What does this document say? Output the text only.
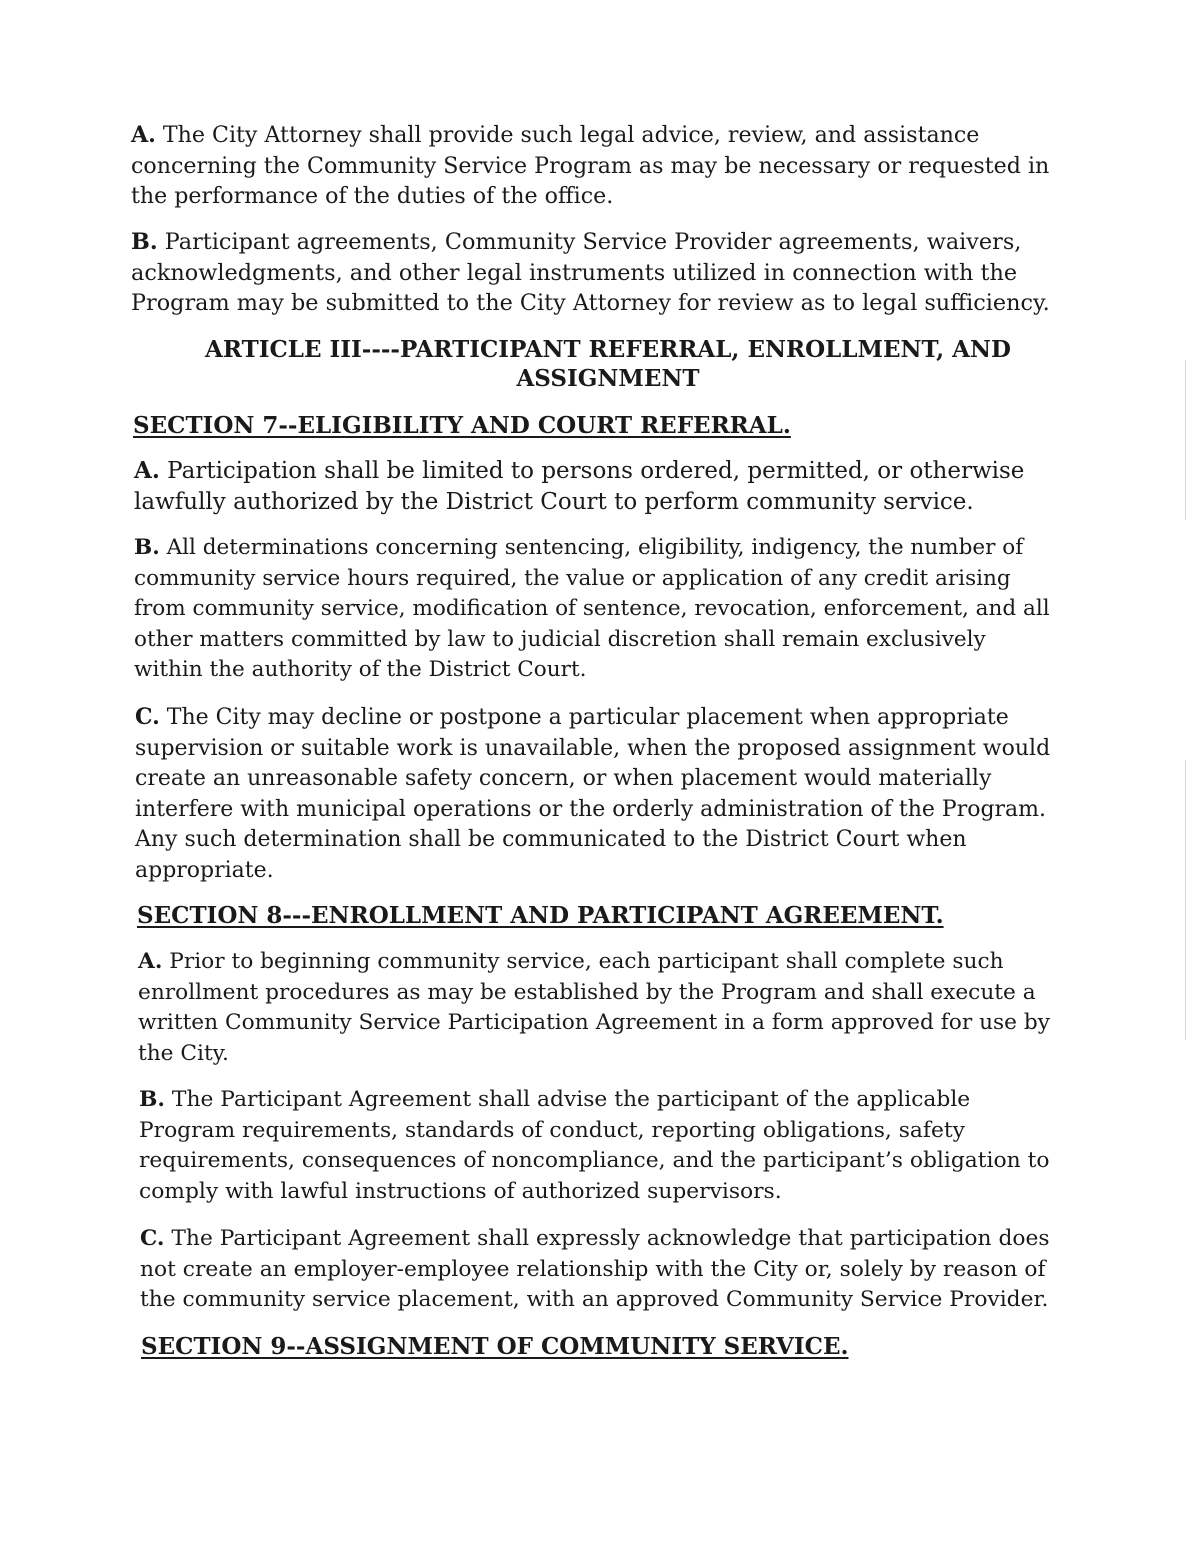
A. The City Attorney shall provide such legal advice, review, and assistance
concerning the Community Service Program as may be necessary or requested in
the performance of the duties of the office.
B. Participant agreements, Community Service Provider agreements, waivers,
acknowledgments, and other legal instruments utilized in connection with the
Program may be submitted to the City Attorney for review as to legal sufficiency.
ARTICLE III----PARTICIPANT REFERRAL, ENROLLMENT, AND
ASSIGNMENT
SECTION 7--ELIGIBILITY AND COURT REFERRAL.
A. Participation shall be limited to persons ordered, permitted, or otherwise
lawfully authorized by the District Court to perform community service.
B. All determinations concerning sentencing, eligibility, indigency, the number of
community service hours required, the value or application of any credit arising
from community service, modification of sentence, revocation, enforcement, and all
other matters committed by law to judicial discretion shall remain exclusively
within the authority of the District Court.
C. The City may decline or postpone a particular placement when appropriate
supervision or suitable work is unavailable, when the proposed assignment would
create an unreasonable safety concern, or when placement would materially
interfere with municipal operations or the orderly administration of the Program.
Any such determination shall be communicated to the District Court when
appropriate.
SECTION 8---ENROLLMENT AND PARTICIPANT AGREEMENT.
A. Prior to beginning community service, each participant shall complete such
enrollment procedures as may be established by the Program and shall execute a
written Community Service Participation Agreement in a form approved for use by
the City.
B. The Participant Agreement shall advise the participant of the applicable
Program requirements, standards of conduct, reporting obligations, safety
requirements, consequences of noncompliance, and the participant’s obligation to
comply with lawful instructions of authorized supervisors.
C. The Participant Agreement shall expressly acknowledge that participation does
not create an employer-employee relationship with the City or, solely by reason of
the community service placement, with an approved Community Service Provider.
SECTION 9--ASSIGNMENT OF COMMUNITY SERVICE.
